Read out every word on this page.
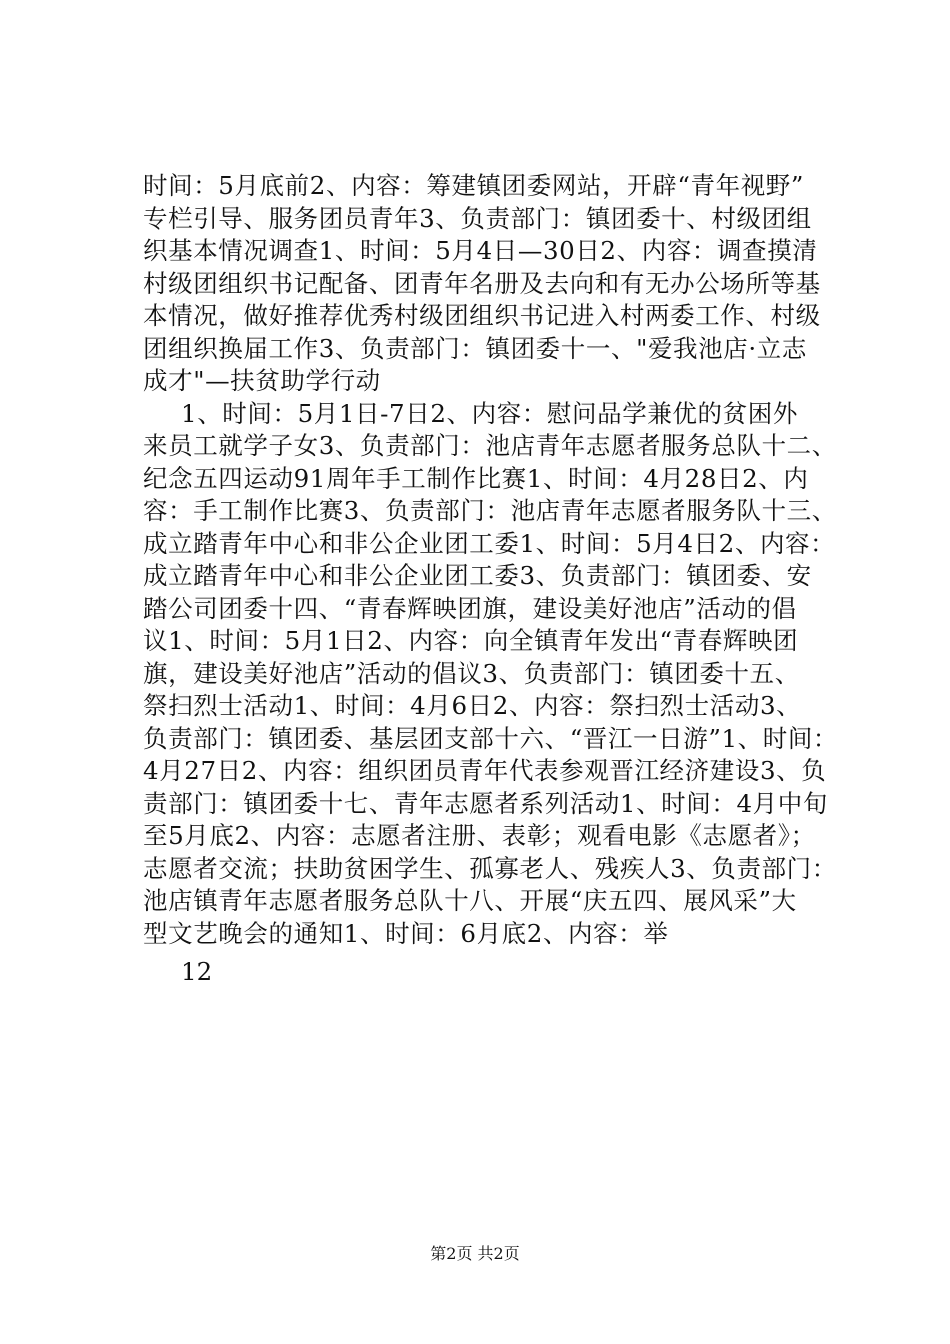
时间：5月底前2、内容：筹建镇团委网站，开辟“青年视野”
专栏引导、服务团员青年3、负责部门：镇团委十、村级团组
织基本情况调查1、时间：5月4日—30日2、内容：调查摸清
村级团组织书记配备、团青年名册及去向和有无办公场所等基
本情况，做好推荐优秀村级团组织书记进入村两委工作、村级
团组织换届工作3、负责部门：镇团委十一、"爱我池店·立志
成才"—扶贫助学行动
1、时间：5月1日-7日2、内容：慰问品学兼优的贫困外
来员工就学子女3、负责部门：池店青年志愿者服务总队十二、
纪念五四运动91周年手工制作比赛1、时间：4月28日2、内
容：手工制作比赛3、负责部门：池店青年志愿者服务队十三、
成立踏青年中心和非公企业团工委1、时间：5月4日2、内容：
成立踏青年中心和非公企业团工委3、负责部门：镇团委、安
踏公司团委十四、“青春辉映团旗，建设美好池店”活动的倡
议1、时间：5月1日2、内容：向全镇青年发出“青春辉映团
旗，建设美好池店”活动的倡议3、负责部门：镇团委十五、
祭扫烈士活动1、时间：4月6日2、内容：祭扫烈士活动3、
负责部门：镇团委、基层团支部十六、“晋江一日游”1、时间：
4月27日2、内容：组织团员青年代表参观晋江经济建设3、负
责部门：镇团委十七、青年志愿者系列活动1、时间：4月中旬
至5月底2、内容：志愿者注册、表彰；观看电影《志愿者》；
志愿者交流；扶助贫困学生、孤寡老人、残疾人3、负责部门：
池店镇青年志愿者服务总队十八、开展“庆五四、展风采”大
型文艺晚会的通知1、时间：6月底2、内容：举
12
第2页 共2页
